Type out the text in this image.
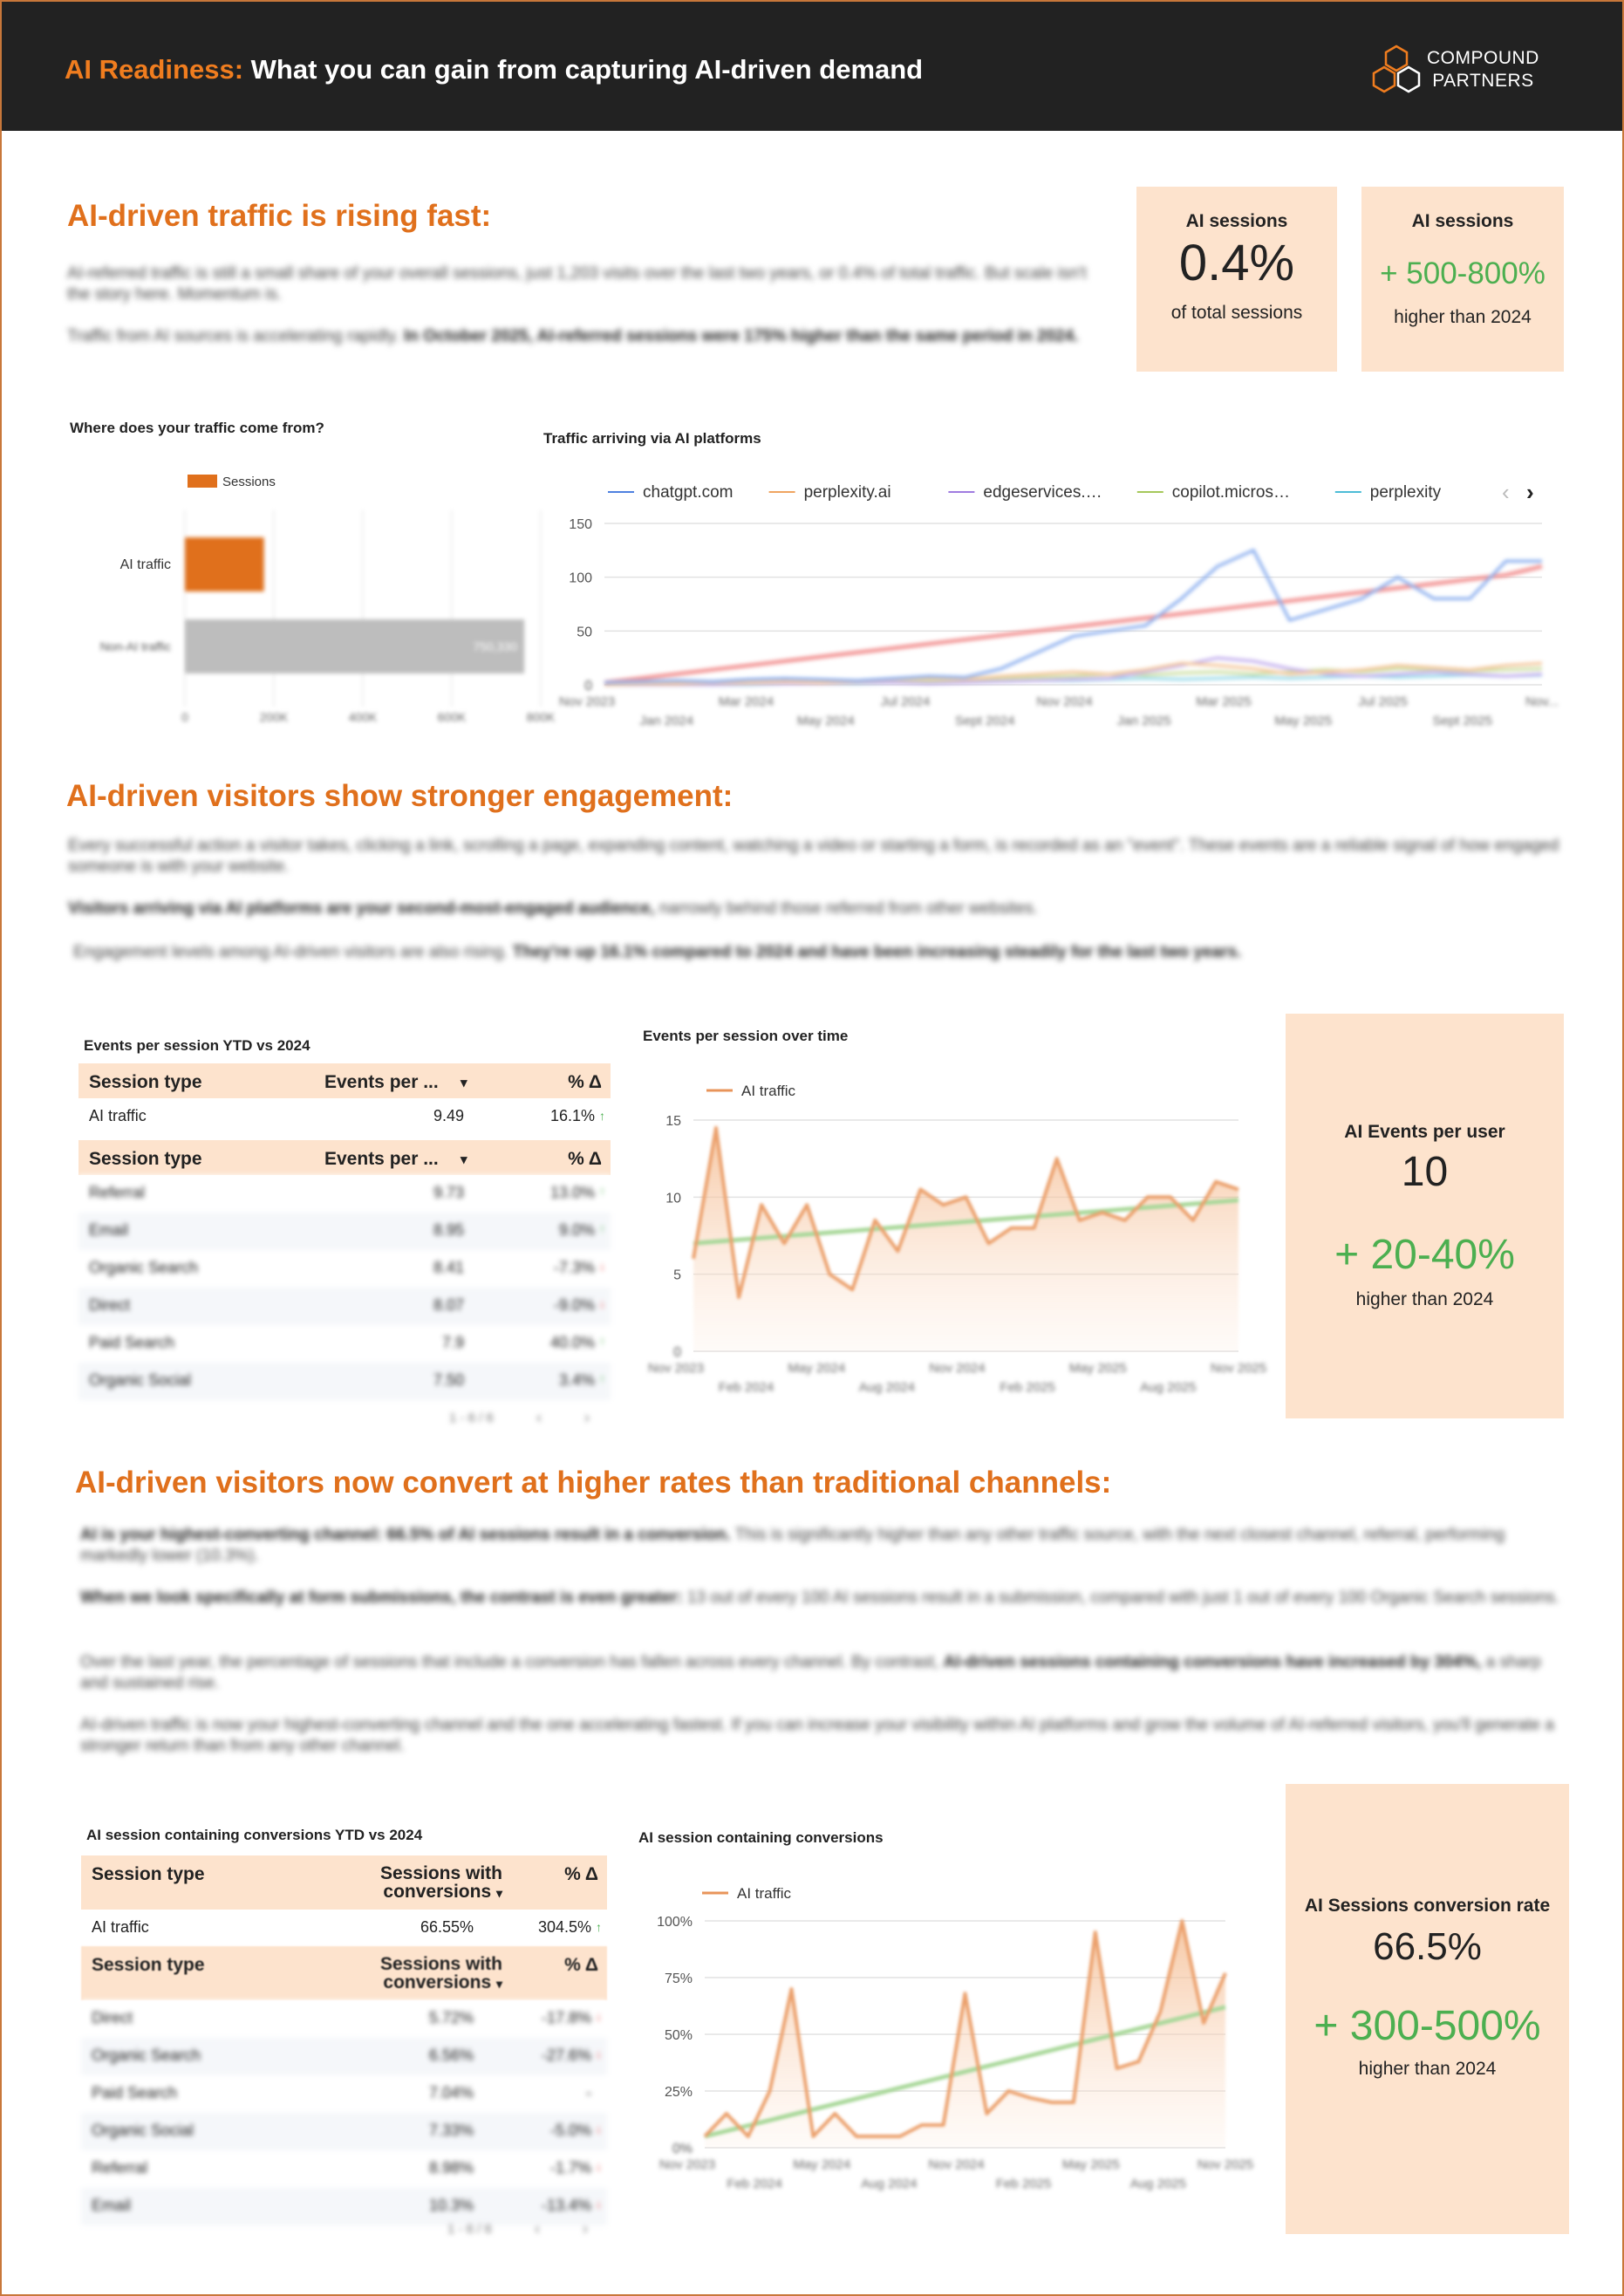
AI Readiness: What you can gain from capturing AI-driven demand	COMPOUND
PARTNERS
AI-driven traffic is rising fast:
AI-referred traffic is still a small share of your overall sessions, just 1,203 visits over the last two years, or 0.4% of total traffic. But scale isn't the story here. Momentum is.
Traffic from AI sources is accelerating rapidly. In October 2025, AI-referred sessions were 175% higher than the same period in 2024.
AI sessions
0.4%
of total sessions
AI sessions
+ 500-800%
higher than 2024
Where does your traffic come from?
Sessions
0	200K	400K	600K	800K
1,777
750,330
AI traffic
Non-AI traffic
Traffic arriving via AI platforms
chatgpt.com	perplexity.ai	edgeservices.…	copilot.micros…	perplexity	‹ ›
150
100
50
0
Nov 2023	Mar 2024	Jul 2024	Nov 2024	Mar 2025	Jul 2025	Nov...
Jan 2024	May 2024	Sept 2024	Jan 2025	May 2025	Sept 2025
AI-driven visitors show stronger engagement:
Every successful action a visitor takes, clicking a link, scrolling a page, expanding content, watching a video or starting a form, is recorded as an "event". These events are a reliable signal of how engaged someone is with your website.
Visitors arriving via AI platforms are your second-most-engaged audience, narrowly behind those referred from other websites.
Engagement levels among AI-driven visitors are also rising. They're up 16.1% compared to 2024 and have been increasing steadily for the last two years.
Events per session YTD vs 2024
Session type	Events per ... ▾	% Δ
AI traffic	9.49	16.1% ↑
Session type	Events per ... ▾	% Δ
Referral	9.73	13.0% ↑
Email	8.95	9.0% ↑
Organic Search	8.41	-7.3% ↓
Direct	8.07	-9.0% ↓
Paid Search	7.9	40.0% ↑
Organic Social	7.50	3.4% ↑
1 - 6 / 6	‹	›
Events per session over time
AI traffic
15
10
5
0
Nov 2023	May 2024	Nov 2024	May 2025	Nov 2025
Feb 2024	Aug 2024	Feb 2025	Aug 2025
AI Events per user
10
+ 20-40%
higher than 2024
AI-driven visitors now convert at higher rates than traditional channels:
AI is your highest-converting channel: 66.5% of AI sessions result in a conversion. This is significantly higher than any other traffic source, with the next closest channel, referral, performing markedly lower (10.3%).
When we look specifically at form submissions, the contrast is even greater: 13 out of every 100 AI sessions result in a submission, compared with just 1 out of every 100 Organic Search sessions.
Over the last year, the percentage of sessions that include a conversion has fallen across every channel. By contrast, AI-driven sessions containing conversions have increased by 304%, a sharp and sustained rise.
AI-driven traffic is now your highest-converting channel and the one accelerating fastest. If you can increase your visibility within AI platforms and grow the volume of AI-referred visitors, you'll generate a stronger return than from any other channel.
AI session containing conversions YTD vs 2024
Session type	Sessions with
conversions ▾
% Δ
AI traffic	66.55%	304.5% ↑
Session type	Sessions with
conversions ▾
% Δ
Direct	5.72%	-17.8% ↓
Organic Search	6.56%	-27.6% ↓
Paid Search	7.04%	-
Organic Social	7.33%	-5.0% ↓
Referral	8.98%	-1.7% ↓
Email	10.3%	-13.4% ↓
1 - 6 / 6	‹	›
AI session containing conversions
AI traffic
100%
75%
50%
25%
0%
Nov 2023	May 2024	Nov 2024	May 2025	Nov 2025
Feb 2024	Aug 2024	Feb 2025	Aug 2025
AI Sessions conversion rate
66.5%
+ 300-500%
higher than 2024
